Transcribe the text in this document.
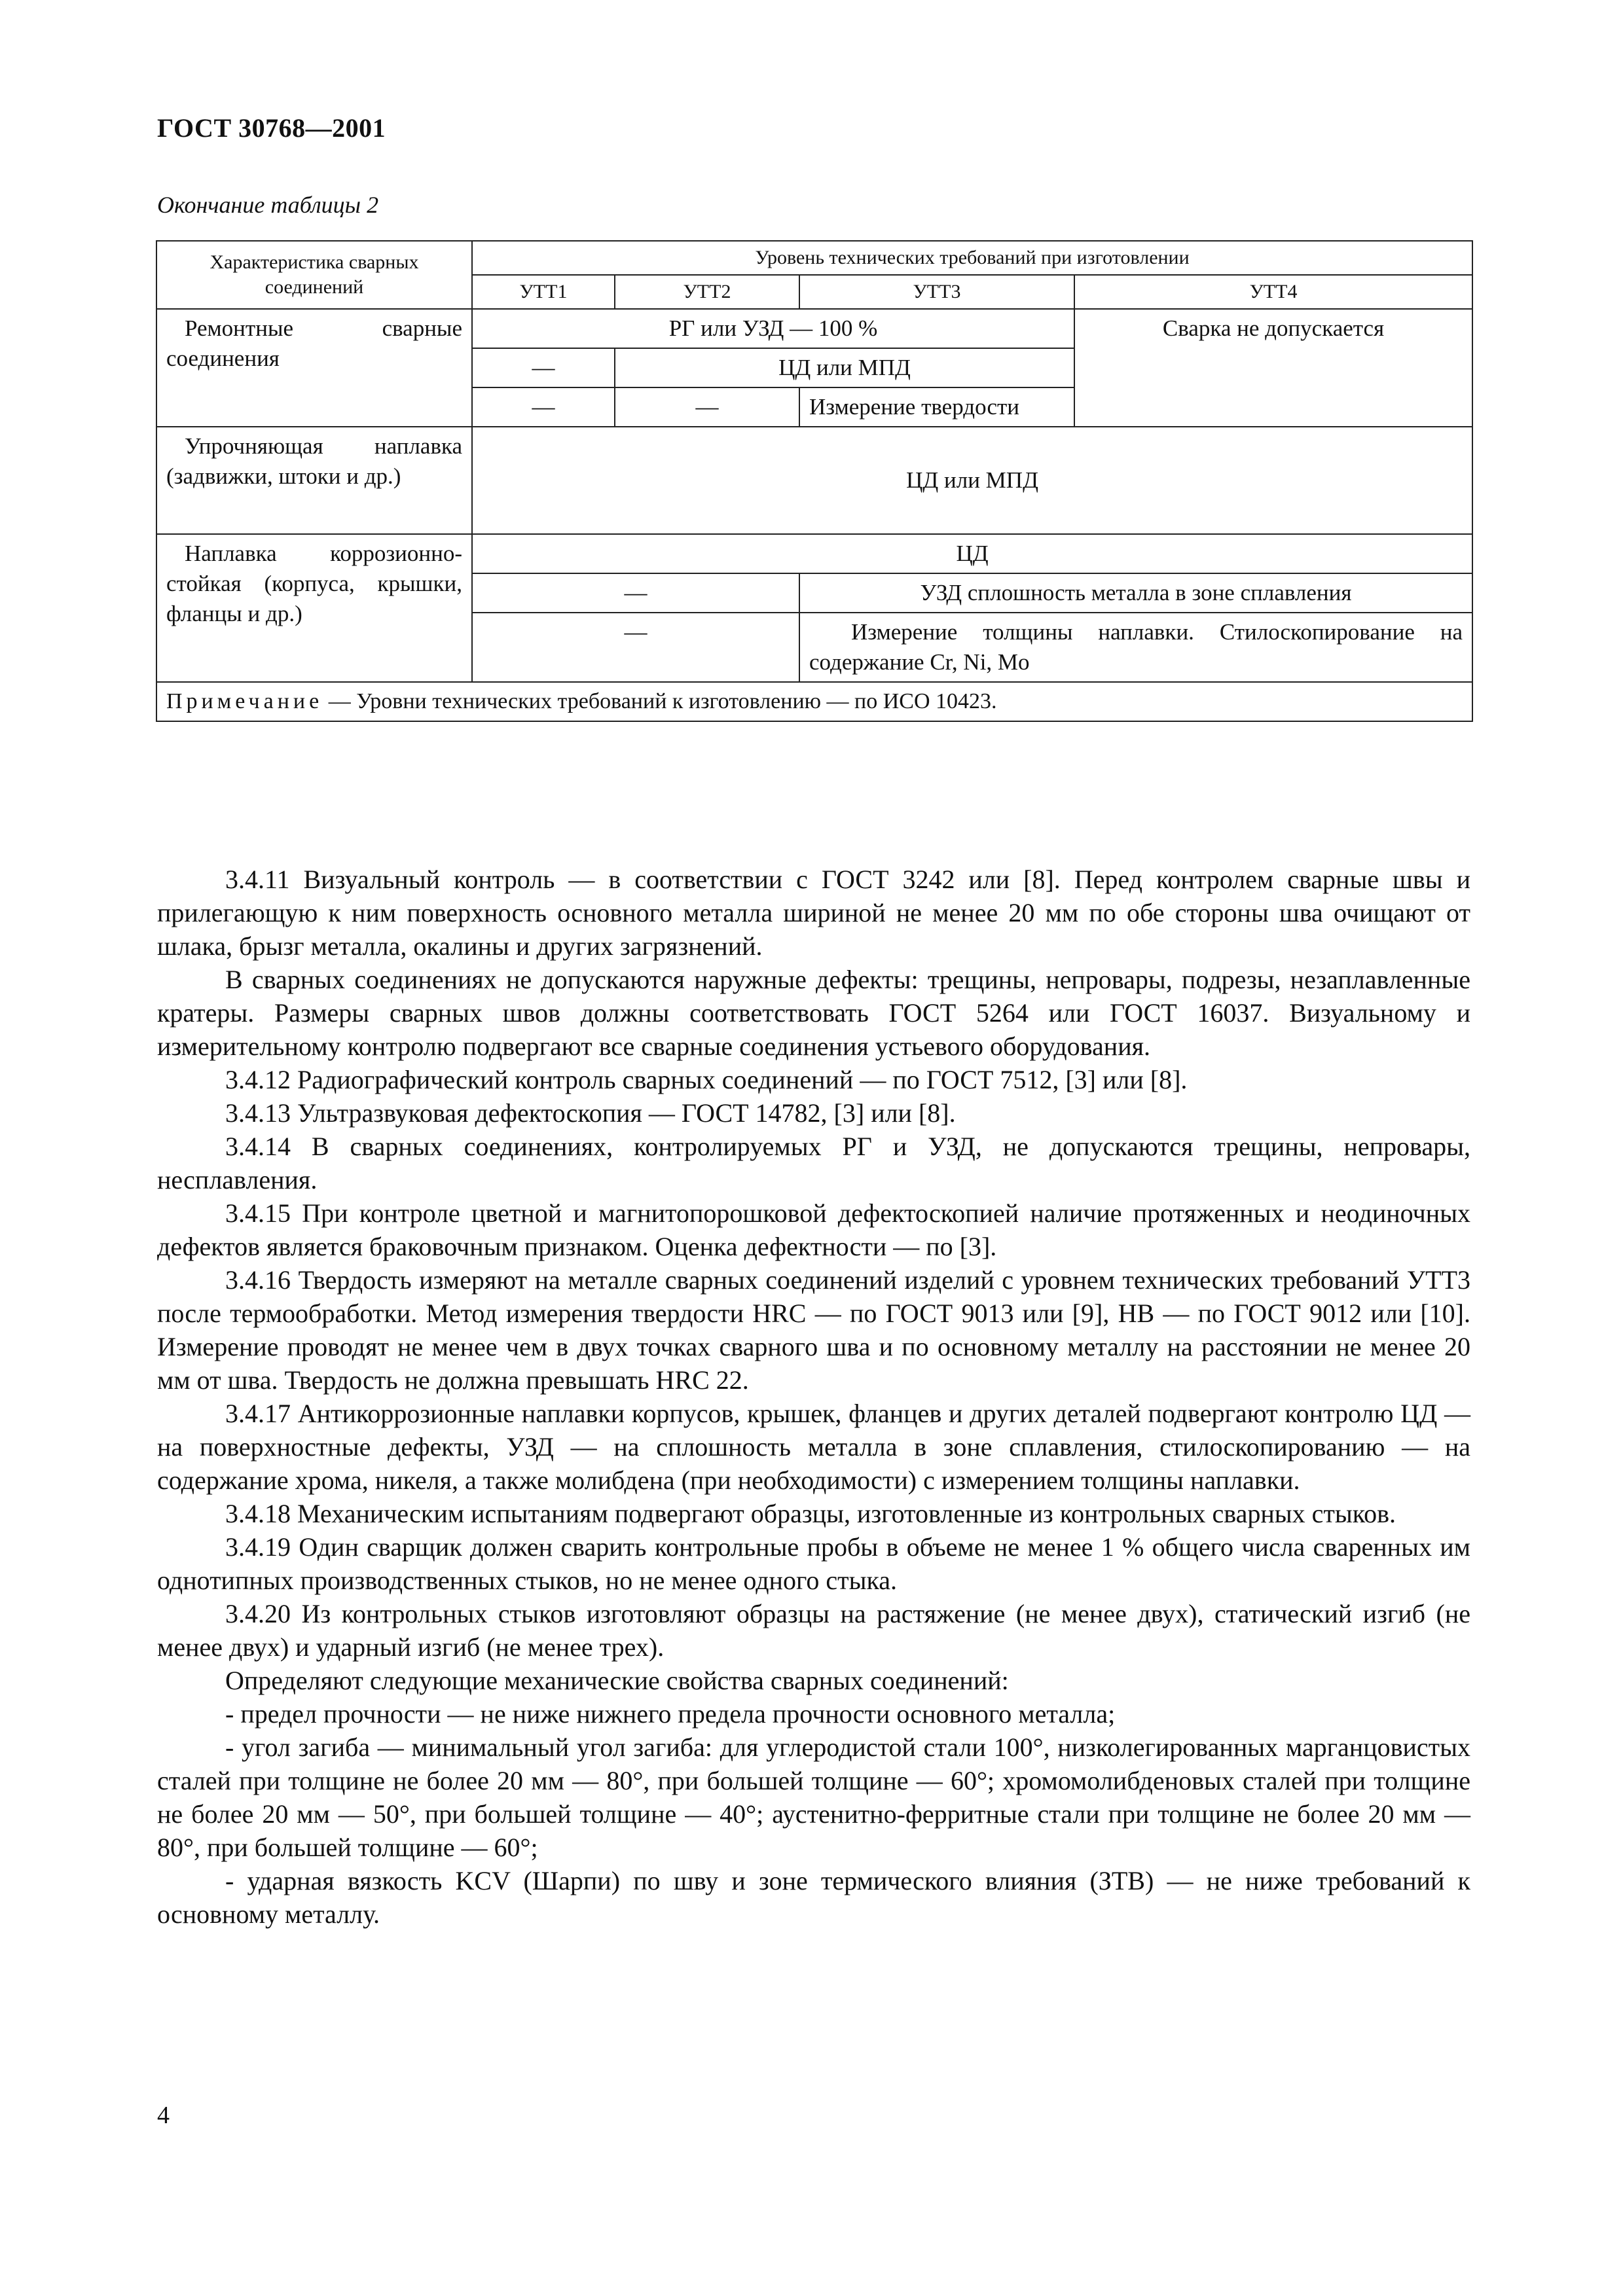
ГОСТ 30768—2001
Окончание таблицы 2
Характеристика сварных соединений	Уровень технических требований при изготовлении			
	УТТ1	УТТ2	УТТ3	УТТ4
Ремонтные сварные соединения	РГ или УЗД — 100 %			Сварка не допускается
	—	ЦД или МПД		
	—	—	Измерение твердости	
Упрочняющая наплавка (задвижки, штоки и др.)	ЦД или МПД			
Наплавка коррозионно-стойкая (корпуса, крышки, фланцы и др.)	ЦД			
	—		УЗД сплошность металла в зоне сплавления	
	—		Измерение толщины наплавки. Стилоскопирование на содержание Cr, Ni, Mo	
Примечание — Уровни технических требований к изготовлению — по ИСО 10423.				

3.4.11 Визуальный контроль — в соответствии с ГОСТ 3242 или [8]. Перед контролем сварные швы и прилегающую к ним поверхность основного металла шириной не менее 20 мм по обе стороны шва очищают от шлака, брызг металла, окалины и других загрязнений.

В сварных соединениях не допускаются наружные дефекты: трещины, непровары, подрезы, незаплавленные кратеры. Размеры сварных швов должны соответствовать ГОСТ 5264 или ГОСТ 16037. Визуальному и измерительному контролю подвергают все сварные соединения устьевого оборудования.

3.4.12 Радиографический контроль сварных соединений — по ГОСТ 7512, [3] или [8].

3.4.13 Ультразвуковая дефектоскопия — ГОСТ 14782, [3] или [8].

3.4.14 В сварных соединениях, контролируемых РГ и УЗД, не допускаются трещины, непровары, несплавления.

3.4.15 При контроле цветной и магнитопорошковой дефектоскопией наличие протяженных и неодиночных дефектов является браковочным признаком. Оценка дефектности — по [3].

3.4.16 Твердость измеряют на металле сварных соединений изделий с уровнем технических требований УТТ3 после термообработки. Метод измерения твердости HRC — по ГОСТ 9013 или [9], HB — по ГОСТ 9012 или [10]. Измерение проводят не менее чем в двух точках сварного шва и по основному металлу на расстоянии не менее 20 мм от шва. Твердость не должна превышать HRC 22.

3.4.17 Антикоррозионные наплавки корпусов, крышек, фланцев и других деталей подвергают контролю ЦД — на поверхностные дефекты, УЗД — на сплошность металла в зоне сплавления, стилоскопированию — на содержание хрома, никеля, а также молибдена (при необходимости) с измерением толщины наплавки.

3.4.18 Механическим испытаниям подвергают образцы, изготовленные из контрольных сварных стыков.

3.4.19 Один сварщик должен сварить контрольные пробы в объеме не менее 1 % общего числа сваренных им однотипных производственных стыков, но не менее одного стыка.

3.4.20 Из контрольных стыков изготовляют образцы на растяжение (не менее двух), статический изгиб (не менее двух) и ударный изгиб (не менее трех).

Определяют следующие механические свойства сварных соединений:

- предел прочности — не ниже нижнего предела прочности основного металла;

- угол загиба — минимальный угол загиба: для углеродистой стали 100°, низколегированных марганцовистых сталей при толщине не более 20 мм — 80°, при большей толщине — 60°; хромомолибденовых сталей при толщине не более 20 мм — 50°, при большей толщине — 40°; аустенитно-ферритные стали при толщине не более 20 мм — 80°, при большей толщине — 60°;

- ударная вязкость KCV (Шарпи) по шву и зоне термического влияния (ЗТВ) — не ниже требований к основному металлу.

4
